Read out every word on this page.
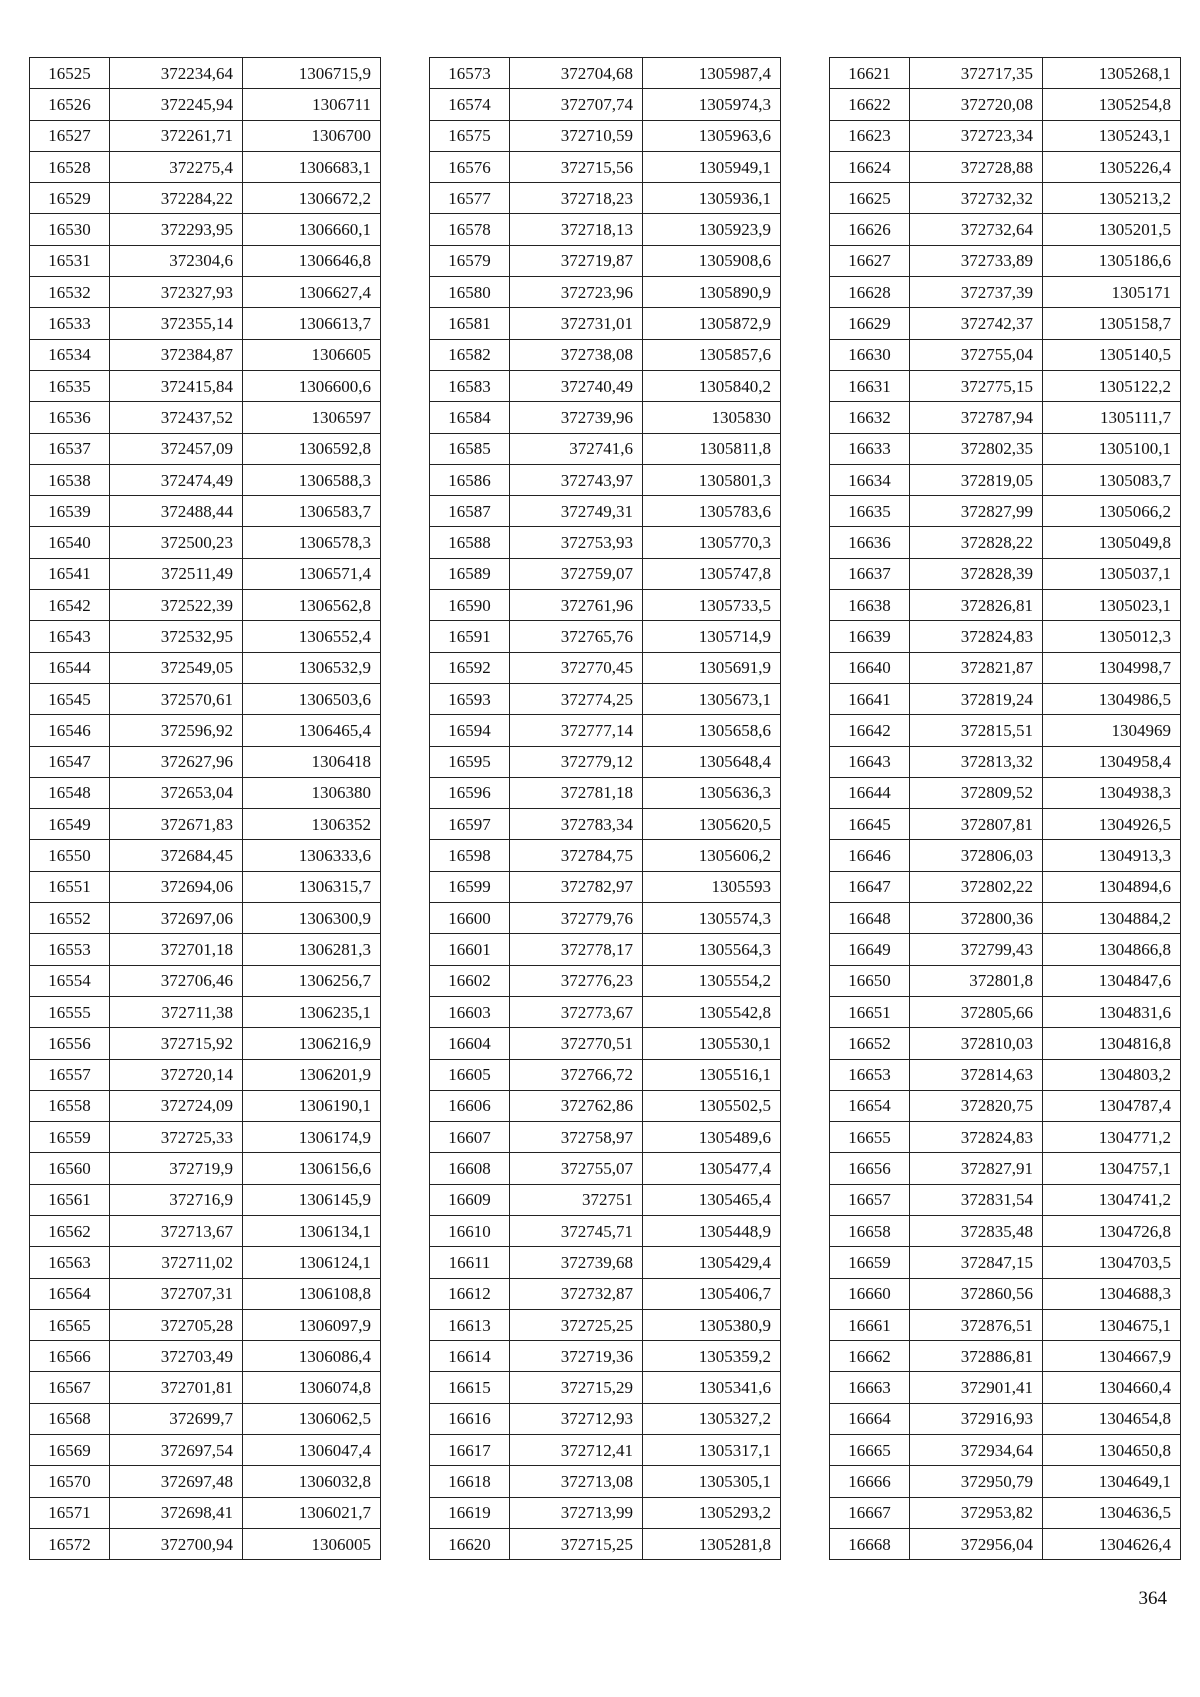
16525	372234,64	1306715,9
16526	372245,94	1306711
16527	372261,71	1306700
16528	372275,4	1306683,1
16529	372284,22	1306672,2
16530	372293,95	1306660,1
16531	372304,6	1306646,8
16532	372327,93	1306627,4
16533	372355,14	1306613,7
16534	372384,87	1306605
16535	372415,84	1306600,6
16536	372437,52	1306597
16537	372457,09	1306592,8
16538	372474,49	1306588,3
16539	372488,44	1306583,7
16540	372500,23	1306578,3
16541	372511,49	1306571,4
16542	372522,39	1306562,8
16543	372532,95	1306552,4
16544	372549,05	1306532,9
16545	372570,61	1306503,6
16546	372596,92	1306465,4
16547	372627,96	1306418
16548	372653,04	1306380
16549	372671,83	1306352
16550	372684,45	1306333,6
16551	372694,06	1306315,7
16552	372697,06	1306300,9
16553	372701,18	1306281,3
16554	372706,46	1306256,7
16555	372711,38	1306235,1
16556	372715,92	1306216,9
16557	372720,14	1306201,9
16558	372724,09	1306190,1
16559	372725,33	1306174,9
16560	372719,9	1306156,6
16561	372716,9	1306145,9
16562	372713,67	1306134,1
16563	372711,02	1306124,1
16564	372707,31	1306108,8
16565	372705,28	1306097,9
16566	372703,49	1306086,4
16567	372701,81	1306074,8
16568	372699,7	1306062,5
16569	372697,54	1306047,4
16570	372697,48	1306032,8
16571	372698,41	1306021,7
16572	372700,94	1306005
16573	372704,68	1305987,4
16574	372707,74	1305974,3
16575	372710,59	1305963,6
16576	372715,56	1305949,1
16577	372718,23	1305936,1
16578	372718,13	1305923,9
16579	372719,87	1305908,6
16580	372723,96	1305890,9
16581	372731,01	1305872,9
16582	372738,08	1305857,6
16583	372740,49	1305840,2
16584	372739,96	1305830
16585	372741,6	1305811,8
16586	372743,97	1305801,3
16587	372749,31	1305783,6
16588	372753,93	1305770,3
16589	372759,07	1305747,8
16590	372761,96	1305733,5
16591	372765,76	1305714,9
16592	372770,45	1305691,9
16593	372774,25	1305673,1
16594	372777,14	1305658,6
16595	372779,12	1305648,4
16596	372781,18	1305636,3
16597	372783,34	1305620,5
16598	372784,75	1305606,2
16599	372782,97	1305593
16600	372779,76	1305574,3
16601	372778,17	1305564,3
16602	372776,23	1305554,2
16603	372773,67	1305542,8
16604	372770,51	1305530,1
16605	372766,72	1305516,1
16606	372762,86	1305502,5
16607	372758,97	1305489,6
16608	372755,07	1305477,4
16609	372751	1305465,4
16610	372745,71	1305448,9
16611	372739,68	1305429,4
16612	372732,87	1305406,7
16613	372725,25	1305380,9
16614	372719,36	1305359,2
16615	372715,29	1305341,6
16616	372712,93	1305327,2
16617	372712,41	1305317,1
16618	372713,08	1305305,1
16619	372713,99	1305293,2
16620	372715,25	1305281,8
16621	372717,35	1305268,1
16622	372720,08	1305254,8
16623	372723,34	1305243,1
16624	372728,88	1305226,4
16625	372732,32	1305213,2
16626	372732,64	1305201,5
16627	372733,89	1305186,6
16628	372737,39	1305171
16629	372742,37	1305158,7
16630	372755,04	1305140,5
16631	372775,15	1305122,2
16632	372787,94	1305111,7
16633	372802,35	1305100,1
16634	372819,05	1305083,7
16635	372827,99	1305066,2
16636	372828,22	1305049,8
16637	372828,39	1305037,1
16638	372826,81	1305023,1
16639	372824,83	1305012,3
16640	372821,87	1304998,7
16641	372819,24	1304986,5
16642	372815,51	1304969
16643	372813,32	1304958,4
16644	372809,52	1304938,3
16645	372807,81	1304926,5
16646	372806,03	1304913,3
16647	372802,22	1304894,6
16648	372800,36	1304884,2
16649	372799,43	1304866,8
16650	372801,8	1304847,6
16651	372805,66	1304831,6
16652	372810,03	1304816,8
16653	372814,63	1304803,2
16654	372820,75	1304787,4
16655	372824,83	1304771,2
16656	372827,91	1304757,1
16657	372831,54	1304741,2
16658	372835,48	1304726,8
16659	372847,15	1304703,5
16660	372860,56	1304688,3
16661	372876,51	1304675,1
16662	372886,81	1304667,9
16663	372901,41	1304660,4
16664	372916,93	1304654,8
16665	372934,64	1304650,8
16666	372950,79	1304649,1
16667	372953,82	1304636,5
16668	372956,04	1304626,4
364
